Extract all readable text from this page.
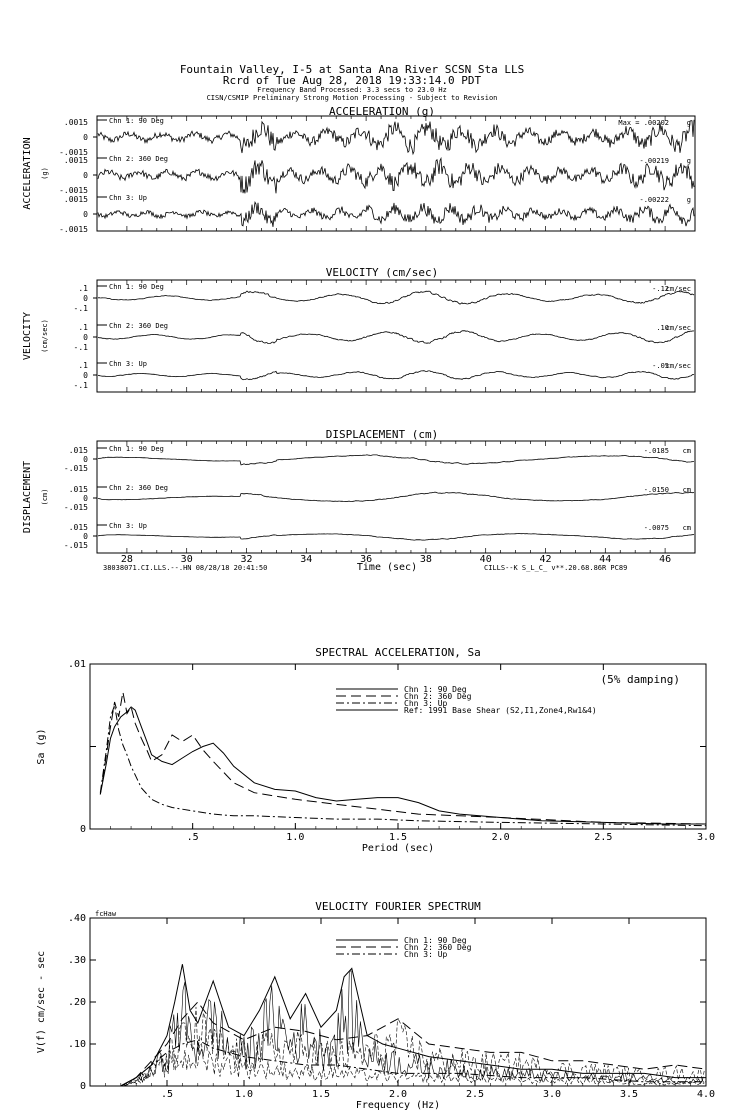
Fountain Valley, I-5 at Santa Ana River SCSN Sta LLS
Rcrd of Tue Aug 28, 2018 19:33:14.0 PDT
Frequency Band Processed: 3.3 secs to 23.0 Hz
CISN/CSMIP Preliminary Strong Motion Processing - Subject to Revision
ACCELERATION (g)
ACCELERATION (g)
.0015
0
-.0015
Chn 1: 90 Deg	Max = .00202	g
.0015
0
-.0015
Chn 2: 360 Deg	-.00219	g
.0015
0
-.0015
Chn 3: Up	-.00222	g
VELOCITY (cm/sec)
VELOCITY (cm/sec)
.1
0
-.1
Chn 1: 90 Deg	-.12
cm/sec
.1
0
-.1
Chn 2: 360 Deg	.10
cm/sec
.1
0
-.1
Chn 3: Up	-.05
cm/sec
DISPLACEMENT (cm)
DISPLACEMENT (cm)
.015
0
-.015
Chn 1: 90 Deg	-.0185 cm
.015
0
-.015
Chn 2: 360 Deg	-.0150 cm
.015
0
-.015
Chn 3: Up	-.0075 cm
28	30	32	34	36	38	40	42	44	46
Time (sec)
38038071.CI.LLS.--.HN 08/28/18 20:41:50	CILLS--K S_L_C_ v**.20.68.86R PC89
SPECTRAL ACCELERATION, Sa
Period (sec)
Sa (g)
.5	1.0	1.5	2.0	2.5	3.0
0
.01
Chn 1: 90 Deg
Chn 2: 360 Deg
Chn 3: Up
Ref: 1991 Base Shear (S2,I1,Zone4,Rw1&4)
(5% damping)
VELOCITY FOURIER SPECTRUM
Frequency (Hz)
V(f) cm/sec - sec
.5	1.0	1.5	2.0	2.5	3.0	3.5	4.0
0
.10
.20
.30
.40
Chn 1: 90 Deg
Chn 2: 360 Deg
Chn 3: Up
fcHaw
